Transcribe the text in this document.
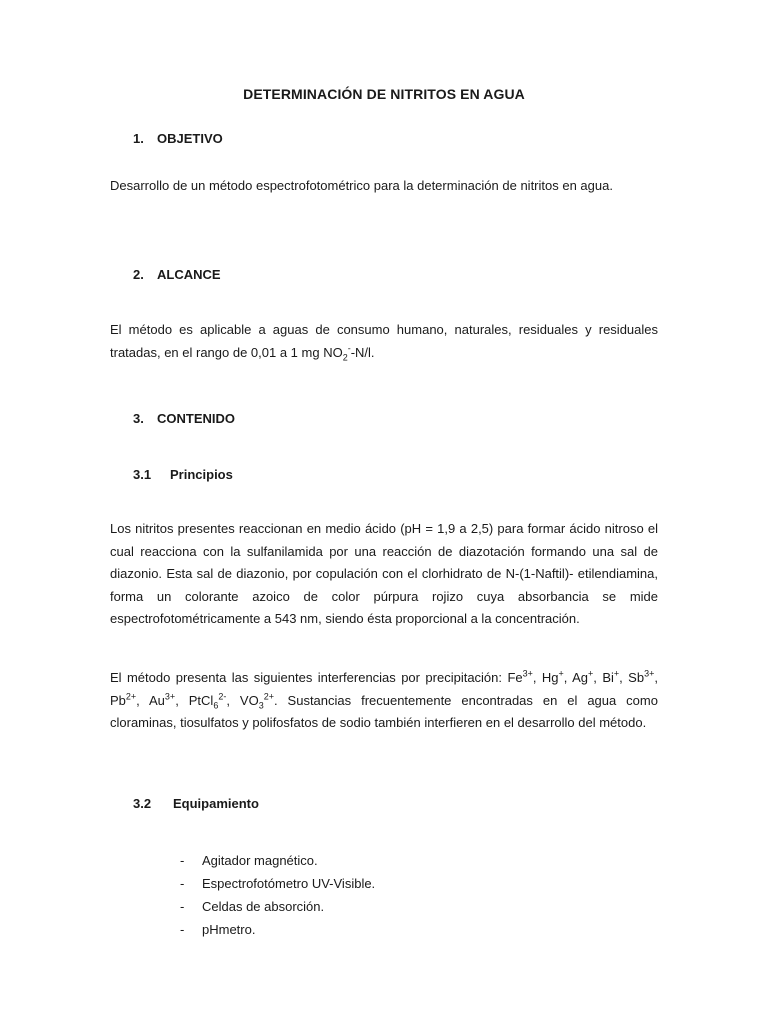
DETERMINACIÓN DE NITRITOS EN AGUA
1. OBJETIVO

Desarrollo de un método espectrofotométrico para la determinación de nitritos en agua.

2. ALCANCE

El método es aplicable a aguas de consumo humano, naturales, residuales y residuales tratadas, en el rango de 0,01 a 1 mg $NO_2^--N/l$.

3. CONTENIDO
3.1 Principios

Los nitritos presentes reaccionan en medio ácido (pH = 1,9 a 2,5) para formar ácido nitroso el cual reacciona con la sulfanilamida por una reacción de diazotación formando una sal de diazonio. Esta sal de diazonio, por copulación con el clorhidrato de N-(1-Naftil)- etilendiamina, forma un colorante azoico de color púrpura rojizo cuya absorbancia se mide espectrofotométricamente a 543 nm, siendo ésta proporcional a la concentración.

El método presenta las siguientes interferencias por precipitación: $Fe^{3+}$, Hg+, Ag+, Bi+, $Sb^{3+}$, $Pb^{2+}$, $Au^{3+}$, PtCl$_6^{2-}$, $VO_3^{2+}$. Sustancias frecuentemente encontradas en el agua como cloraminas, tiosulfatos y polifosfatos de sodio también interfieren en el desarrollo del método.

3.2 Equipamiento
- Agitador magnético.
- Espectrofotómetro UV-Visible.
- Celdas de absorción.
- pHmetro.
